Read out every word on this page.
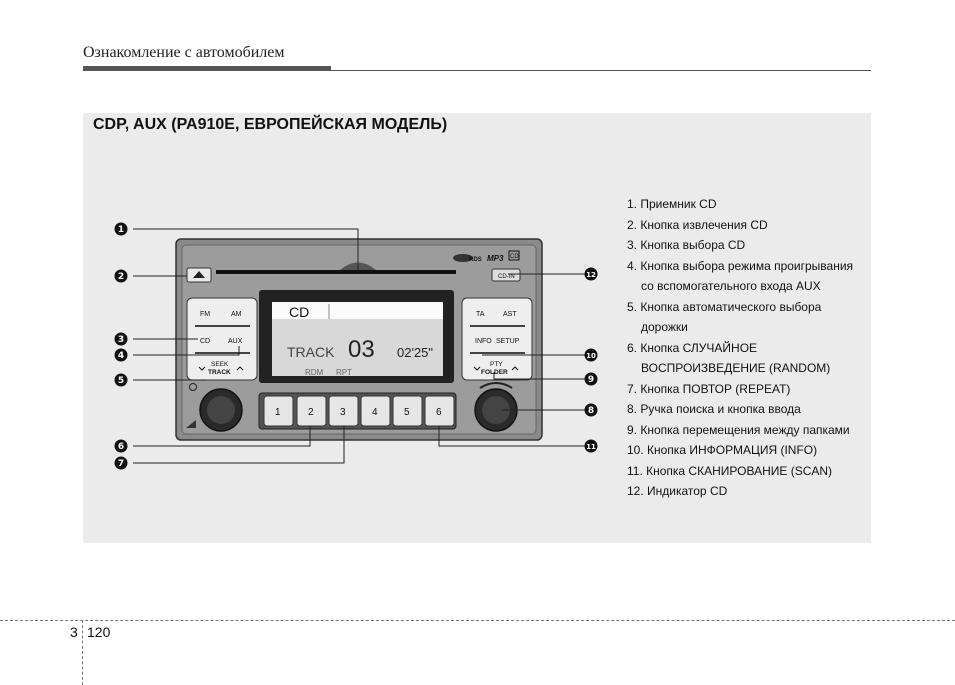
Ознакомление с автомобилем
CDP, AUX (PA910E, ЕВРОПЕЙСКАЯ МОДЕЛЬ)
RDS MP3 CD
CD-IN
FM	AM
CD	AUX
SEEK
TRACK
CD
TRACK 03 02'25"
RDM RPT
TA	AST
INFO SETUP
PTY
FOLDER
1	2	3	4	5	6
1
2
3
4
5
6
7
8
9
10
11
12
1. Приемник CD
2. Кнопка извлечения CD
3. Кнопка выбора CD
4. Кнопка выбора режима проигрывания
со вспомогательного входа AUX
5. Кнопка автоматического выбора
дорожки
6. Кнопка СЛУЧАЙНОЕ
ВОСПРОИЗВЕДЕНИЕ (RANDOM)
7. Кнопка ПОВТОР (REPEAT)
8. Ручка поиска и кнопка ввода
9. Кнопка перемещения между папками
10. Кнопка ИНФОРМАЦИЯ (INFO)
11. Кнопка СКАНИРОВАНИЕ (SCAN)
12. Индикатор CD
3 120
